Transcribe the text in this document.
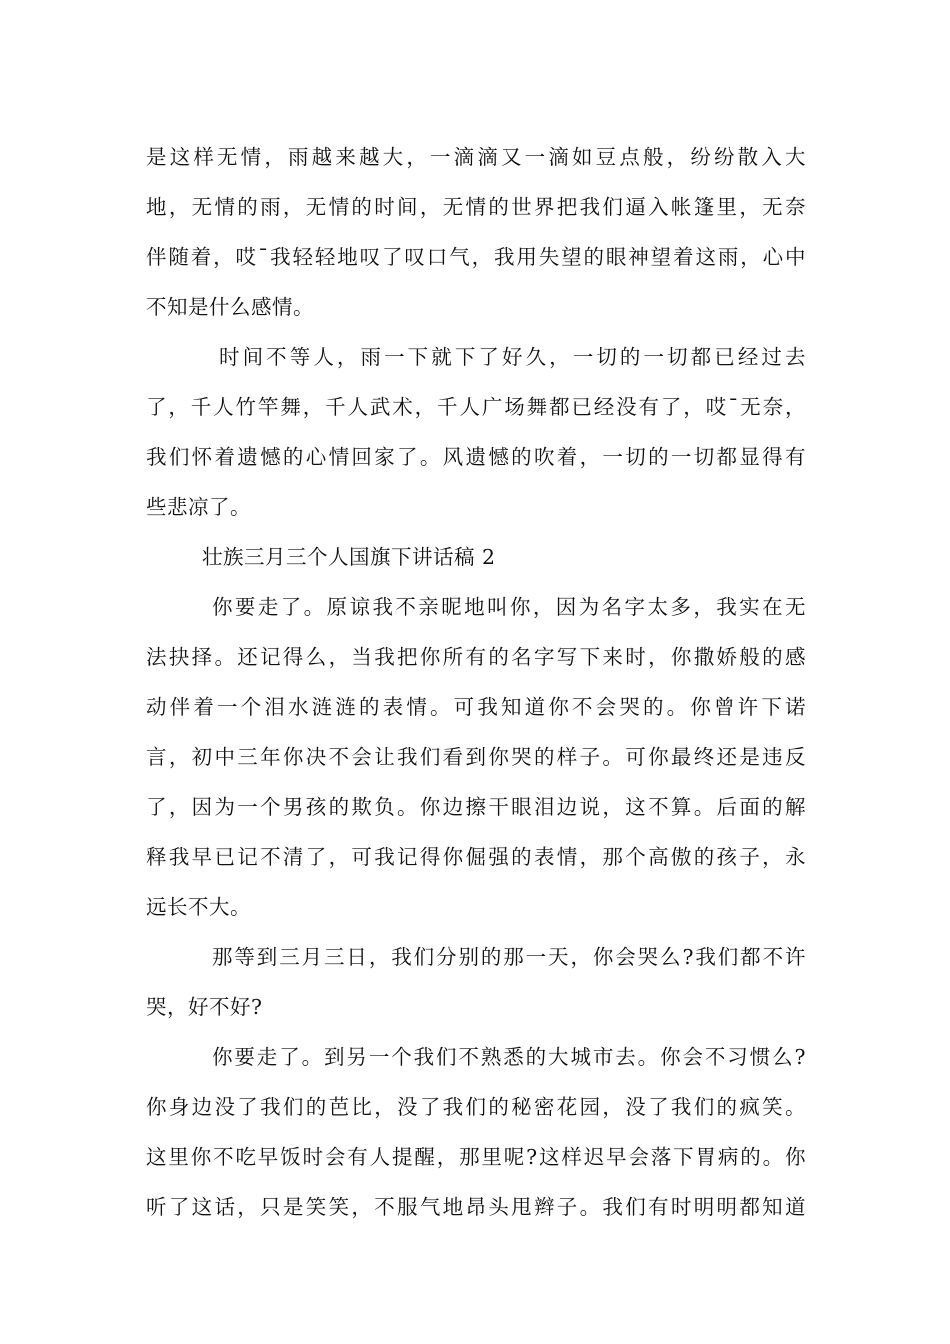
是这样无情，雨越来越大，一滴滴又一滴如豆点般，纷纷散入大
地，无情的雨，无情的时间，无情的世界把我们逼入帐篷里，无奈
伴随着，哎¯我轻轻地叹了叹口气，我用失望的眼神望着这雨，心中
不知是什么感情。
时间不等人，雨一下就下了好久，一切的一切都已经过去
了，千人竹竿舞，千人武术，千人广场舞都已经没有了，哎¯无奈，
我们怀着遗憾的心情回家了。风遗憾的吹着，一切的一切都显得有
些悲凉了。
壮族三月三个人国旗下讲话稿 2
你要走了。原谅我不亲昵地叫你，因为名字太多，我实在无
法抉择。还记得么，当我把你所有的名字写下来时，你撒娇般的感
动伴着一个泪水涟涟的表情。可我知道你不会哭的。你曾许下诺
言，初中三年你决不会让我们看到你哭的样子。可你最终还是违反
了，因为一个男孩的欺负。你边擦干眼泪边说，这不算。后面的解
释我早已记不清了，可我记得你倔强的表情，那个高傲的孩子，永
远长不大。
那等到三月三日，我们分别的那一天，你会哭么?我们都不许
哭，好不好?
你要走了。到另一个我们不熟悉的大城市去。你会不习惯么?
你身边没了我们的芭比，没了我们的秘密花园，没了我们的疯笑。
这里你不吃早饭时会有人提醒，那里呢?这样迟早会落下胃病的。你
听了这话，只是笑笑，不服气地昂头甩辫子。我们有时明明都知道
